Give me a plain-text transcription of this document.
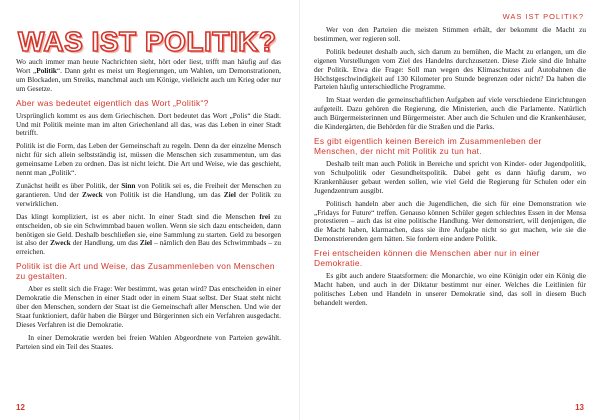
WAS IST POLITIK?

Wo auch immer man heute Nachrichten sieht, hört oder liest, trifft man häufig auf das Wort „Politik“. Dann geht es meist um Regierungen, um Wahlen, um Demonstrationen, um Blockaden, um Streiks, manchmal auch um Könige, vielleicht auch um Krieg oder nur um Gesetze.

Aber was bedeutet eigentlich das Wort „Politik“?

Ursprünglich kommt es aus dem Griechischen. Dort bedeutet das Wort „Polis“ die Stadt. Und mit Politik meinte man im alten Griechenland all das, was das Leben in einer Stadt betrifft.

Politik ist die Form, das Leben der Gemeinschaft zu regeln. Denn da der einzelne Mensch nicht für sich allein selbstständig ist, müssen die Menschen sich zusammentun, um das gemeinsame Leben zu ordnen. Das ist nicht leicht. Die Art und Weise, wie das geschieht, nennt man „Politik“.

Zunächst heißt es über Politik, der Sinn von Politik sei es, die Freiheit der Menschen zu garantieren. Und der Zweck von Politik ist die Handlung, um das Ziel der Politik zu verwirklichen.

Das klingt kompliziert, ist es aber nicht. In einer Stadt sind die Menschen frei zu entscheiden, ob sie ein Schwimmbad bauen wollen. Wenn sie sich dazu entscheiden, dann benötigen sie Geld. Deshalb beschließen sie, eine Sammlung zu starten. Geld zu besorgen ist also der Zweck der Handlung, um das Ziel – nämlich den Bau des Schwimmbads – zu erreichen.

Politik ist die Art und Weise, das Zusammenleben von Menschen zu gestalten.

Aber es stellt sich die Frage: Wer bestimmt, was getan wird? Das entscheiden in einer Demokratie die Menschen in einer Stadt oder in einem Staat selbst. Der Staat steht nicht über den Menschen, sondern der Staat ist die Gemeinschaft aller Menschen. Und wie der Staat funktioniert, dafür haben die Bürger und Bürgerinnen sich ein Verfahren ausgedacht. Dieses Verfahren ist die Demokratie.

In einer Demokratie werden bei freien Wahlen Abgeordnete von Parteien gewählt. Parteien sind ein Teil des Staates.

12
WAS IST POLITIK?

Wer von den Parteien die meisten Stimmen erhält, der bekommt die Macht zu bestimmen, wer regieren soll.

Politik bedeutet deshalb auch, sich darum zu bemühen, die Macht zu erlangen, um die eigenen Vorstellungen vom Ziel des Handelns durchzusetzen. Diese Ziele sind die Inhalte der Politik. Etwa die Frage: Soll man wegen des Klimaschutzes auf Autobahnen die Höchstgeschwindigkeit auf 130 Kilometer pro Stunde begrenzen oder nicht? Da haben die Parteien häufig unterschiedliche Programme.

Im Staat werden die gemeinschaftlichen Aufgaben auf viele verschiedene Einrichtungen aufgeteilt. Dazu gehören die Regierung, die Ministerien, auch die Parlamente. Natürlich auch Bürgermeisterinnen und Bürgermeister. Aber auch die Schulen und die Krankenhäuser, die Kindergärten, die Behörden für die Straßen und die Parks.

Es gibt eigentlich keinen Bereich im Zusammenleben der Menschen, der nicht mit Politik zu tun hat.

Deshalb teilt man auch Politik in Bereiche und spricht von Kinder- oder Jugendpolitik, von Schulpolitik oder Gesundheitspolitik. Dabei geht es dann häufig darum, wo Krankenhäuser gebaut werden sollen, wie viel Geld die Regierung für Schulen oder ein Jugendzentrum ausgibt.

Politisch handeln aber auch die Jugendlichen, die sich für eine Demonstration wie „Fridays for Future“ treffen. Genauso können Schüler gegen schlechtes Essen in der Mensa protestieren – auch das ist eine politische Handlung. Wer demonstriert, will denjenigen, die die Macht haben, klarmachen, dass sie ihre Aufgabe nicht so gut machen, wie sie die Demonstrierenden gern hätten. Sie fordern eine andere Politik.

Frei entscheiden können die Menschen aber nur in einer Demokratie.

Es gibt auch andere Staatsformen: die Monarchie, wo eine Königin oder ein König die Macht haben, und auch in der Diktatur bestimmt nur einer. Welches die Leitlinien für politisches Leben und Handeln in unserer Demokratie sind, das soll in diesem Buch behandelt werden.

13
